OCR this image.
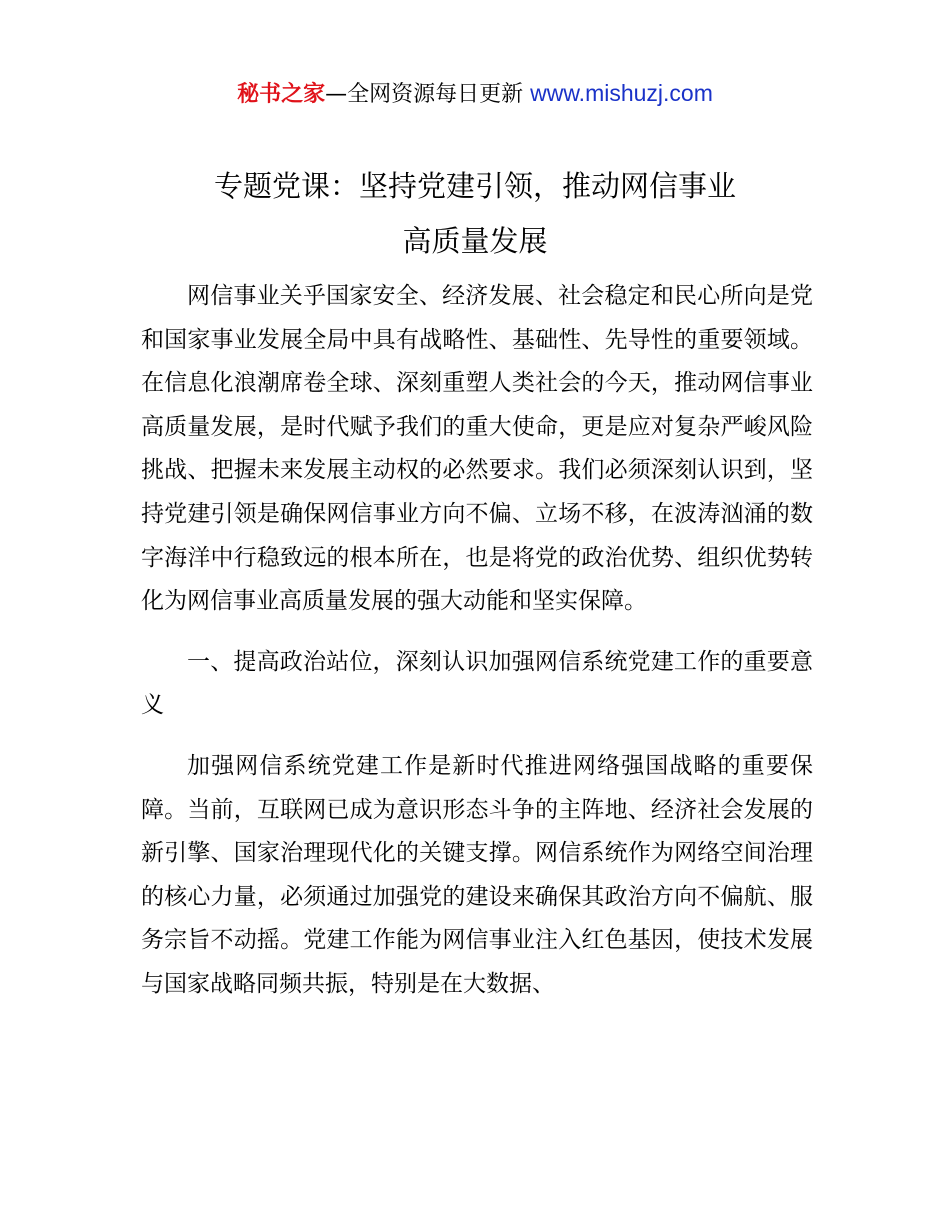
秘书之家—全网资源每日更新 www.mishuzj.com
专题党课：坚持党建引领，推动网信事业
高质量发展

网信事业关乎国家安全、经济发展、社会稳定和民心所向是党和国家事业发展全局中具有战略性、基础性、先导性的重要领域。在信息化浪潮席卷全球、深刻重塑人类社会的今天，推动网信事业高质量发展，是时代赋予我们的重大使命，更是应对复杂严峻风险挑战、把握未来发展主动权的必然要求。我们必须深刻认识到，坚持党建引领是确保网信事业方向不偏、立场不移，在波涛汹涌的数字海洋中行稳致远的根本所在，也是将党的政治优势、组织优势转化为网信事业高质量发展的强大动能和坚实保障。

一、提高政治站位，深刻认识加强网信系统党建工作的重要意义

加强网信系统党建工作是新时代推进网络强国战略的重要保障。当前，互联网已成为意识形态斗争的主阵地、经济社会发展的新引擎、国家治理现代化的关键支撑。网信系统作为网络空间治理的核心力量，必须通过加强党的建设来确保其政治方向不偏航、服务宗旨不动摇。党建工作能为网信事业注入红色基因，使技术发展与国家战略同频共振，特别是在大数据、
